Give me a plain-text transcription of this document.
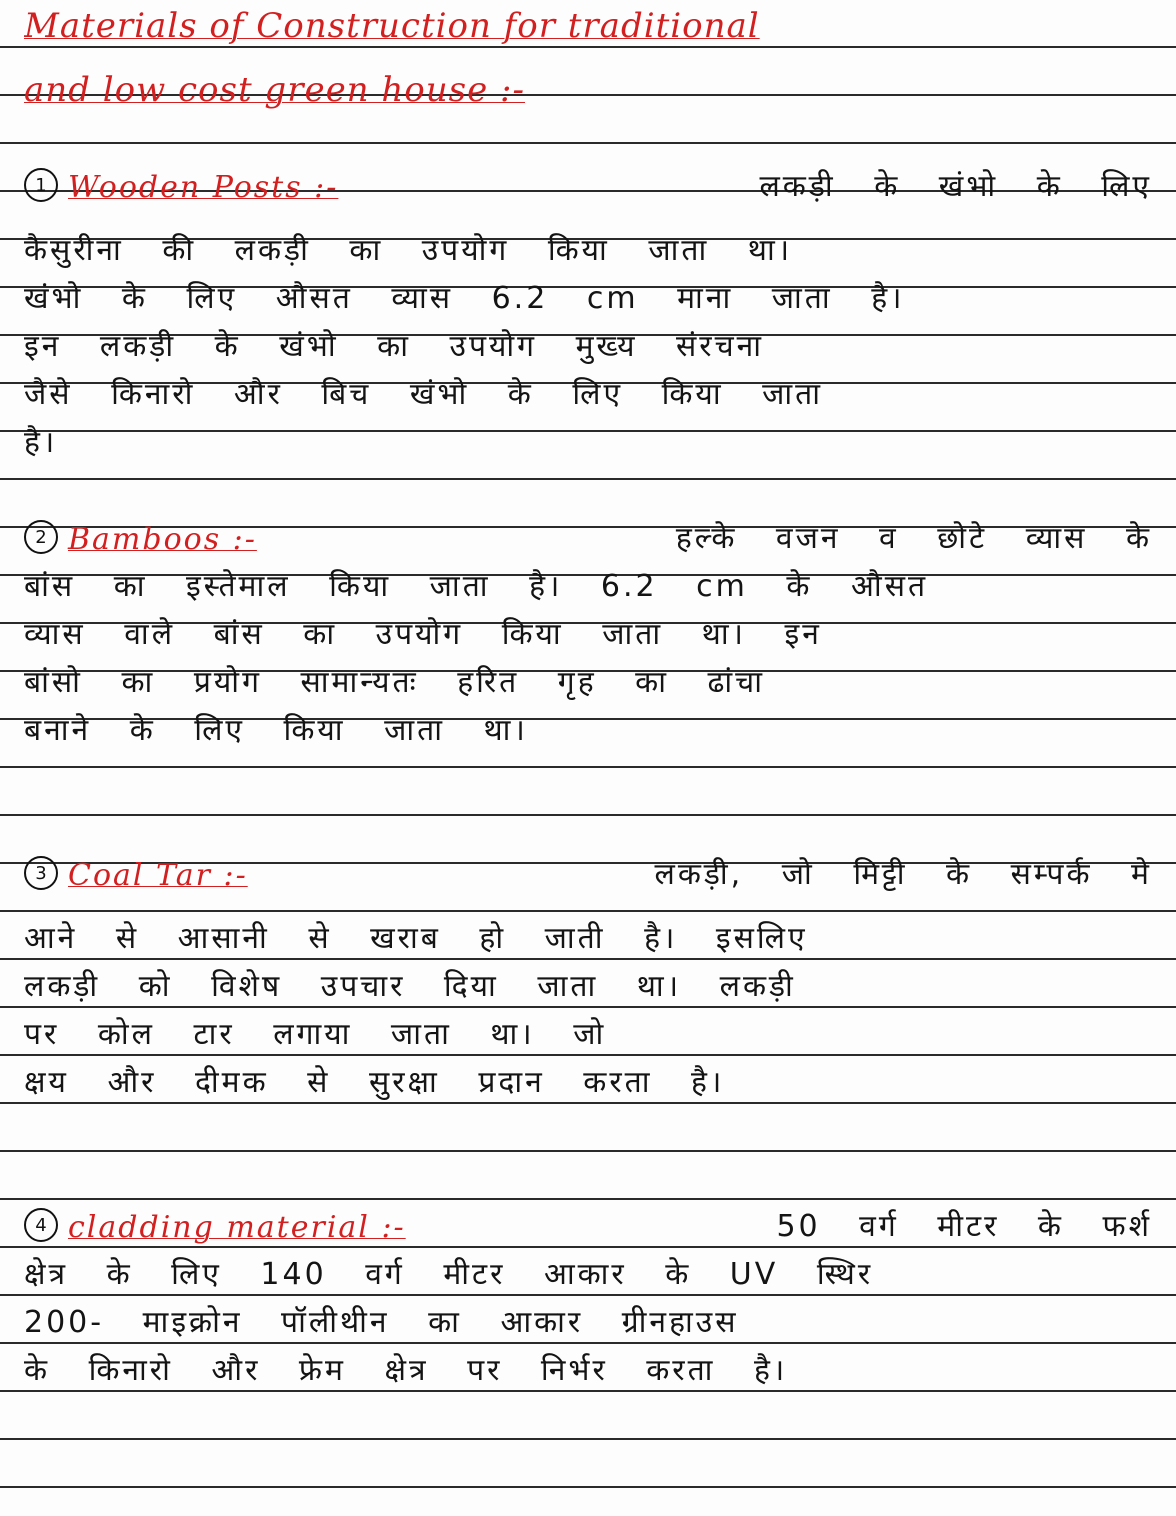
Materials of Construction for traditional
and low cost green house :-
1 Wooden Posts :-	लकड़ी के खंभो के लिए
कैसुरीना की लकड़ी का उपयोग किया जाता था।
खंभो के लिए औसत व्यास 6.2 cm माना जाता है।
इन लकड़ी के खंभो का उपयोग मुख्य संरचना
जैसे किनारो और बिच खंभो के लिए किया जाता
है।
2 Bamboos :-	हल्के वजन व छोटे व्यास के
बांस का इस्तेमाल किया जाता है। 6.2 cm के औसत
व्यास वाले बांस का उपयोग किया जाता था। इन
बांसो का प्रयोग सामान्यतः हरित गृह का ढांचा
बनाने के लिए किया जाता था।
3 Coal Tar :-	लकड़ी, जो मिट्टी के सम्पर्क मे
आने से आसानी से खराब हो जाती है। इसलिए
लकड़ी को विशेष उपचार दिया जाता था। लकड़ी
पर कोल टार लगाया जाता था। जो
क्षय और दीमक से सुरक्षा प्रदान करता है।
4 cladding material :-	50 वर्ग मीटर के फर्श
क्षेत्र के लिए 140 वर्ग मीटर आकार के UV स्थिर
200- माइक्रोन पॉलीथीन का आकार ग्रीनहाउस
के किनारो और फ्रेम क्षेत्र पर निर्भर करता है।
